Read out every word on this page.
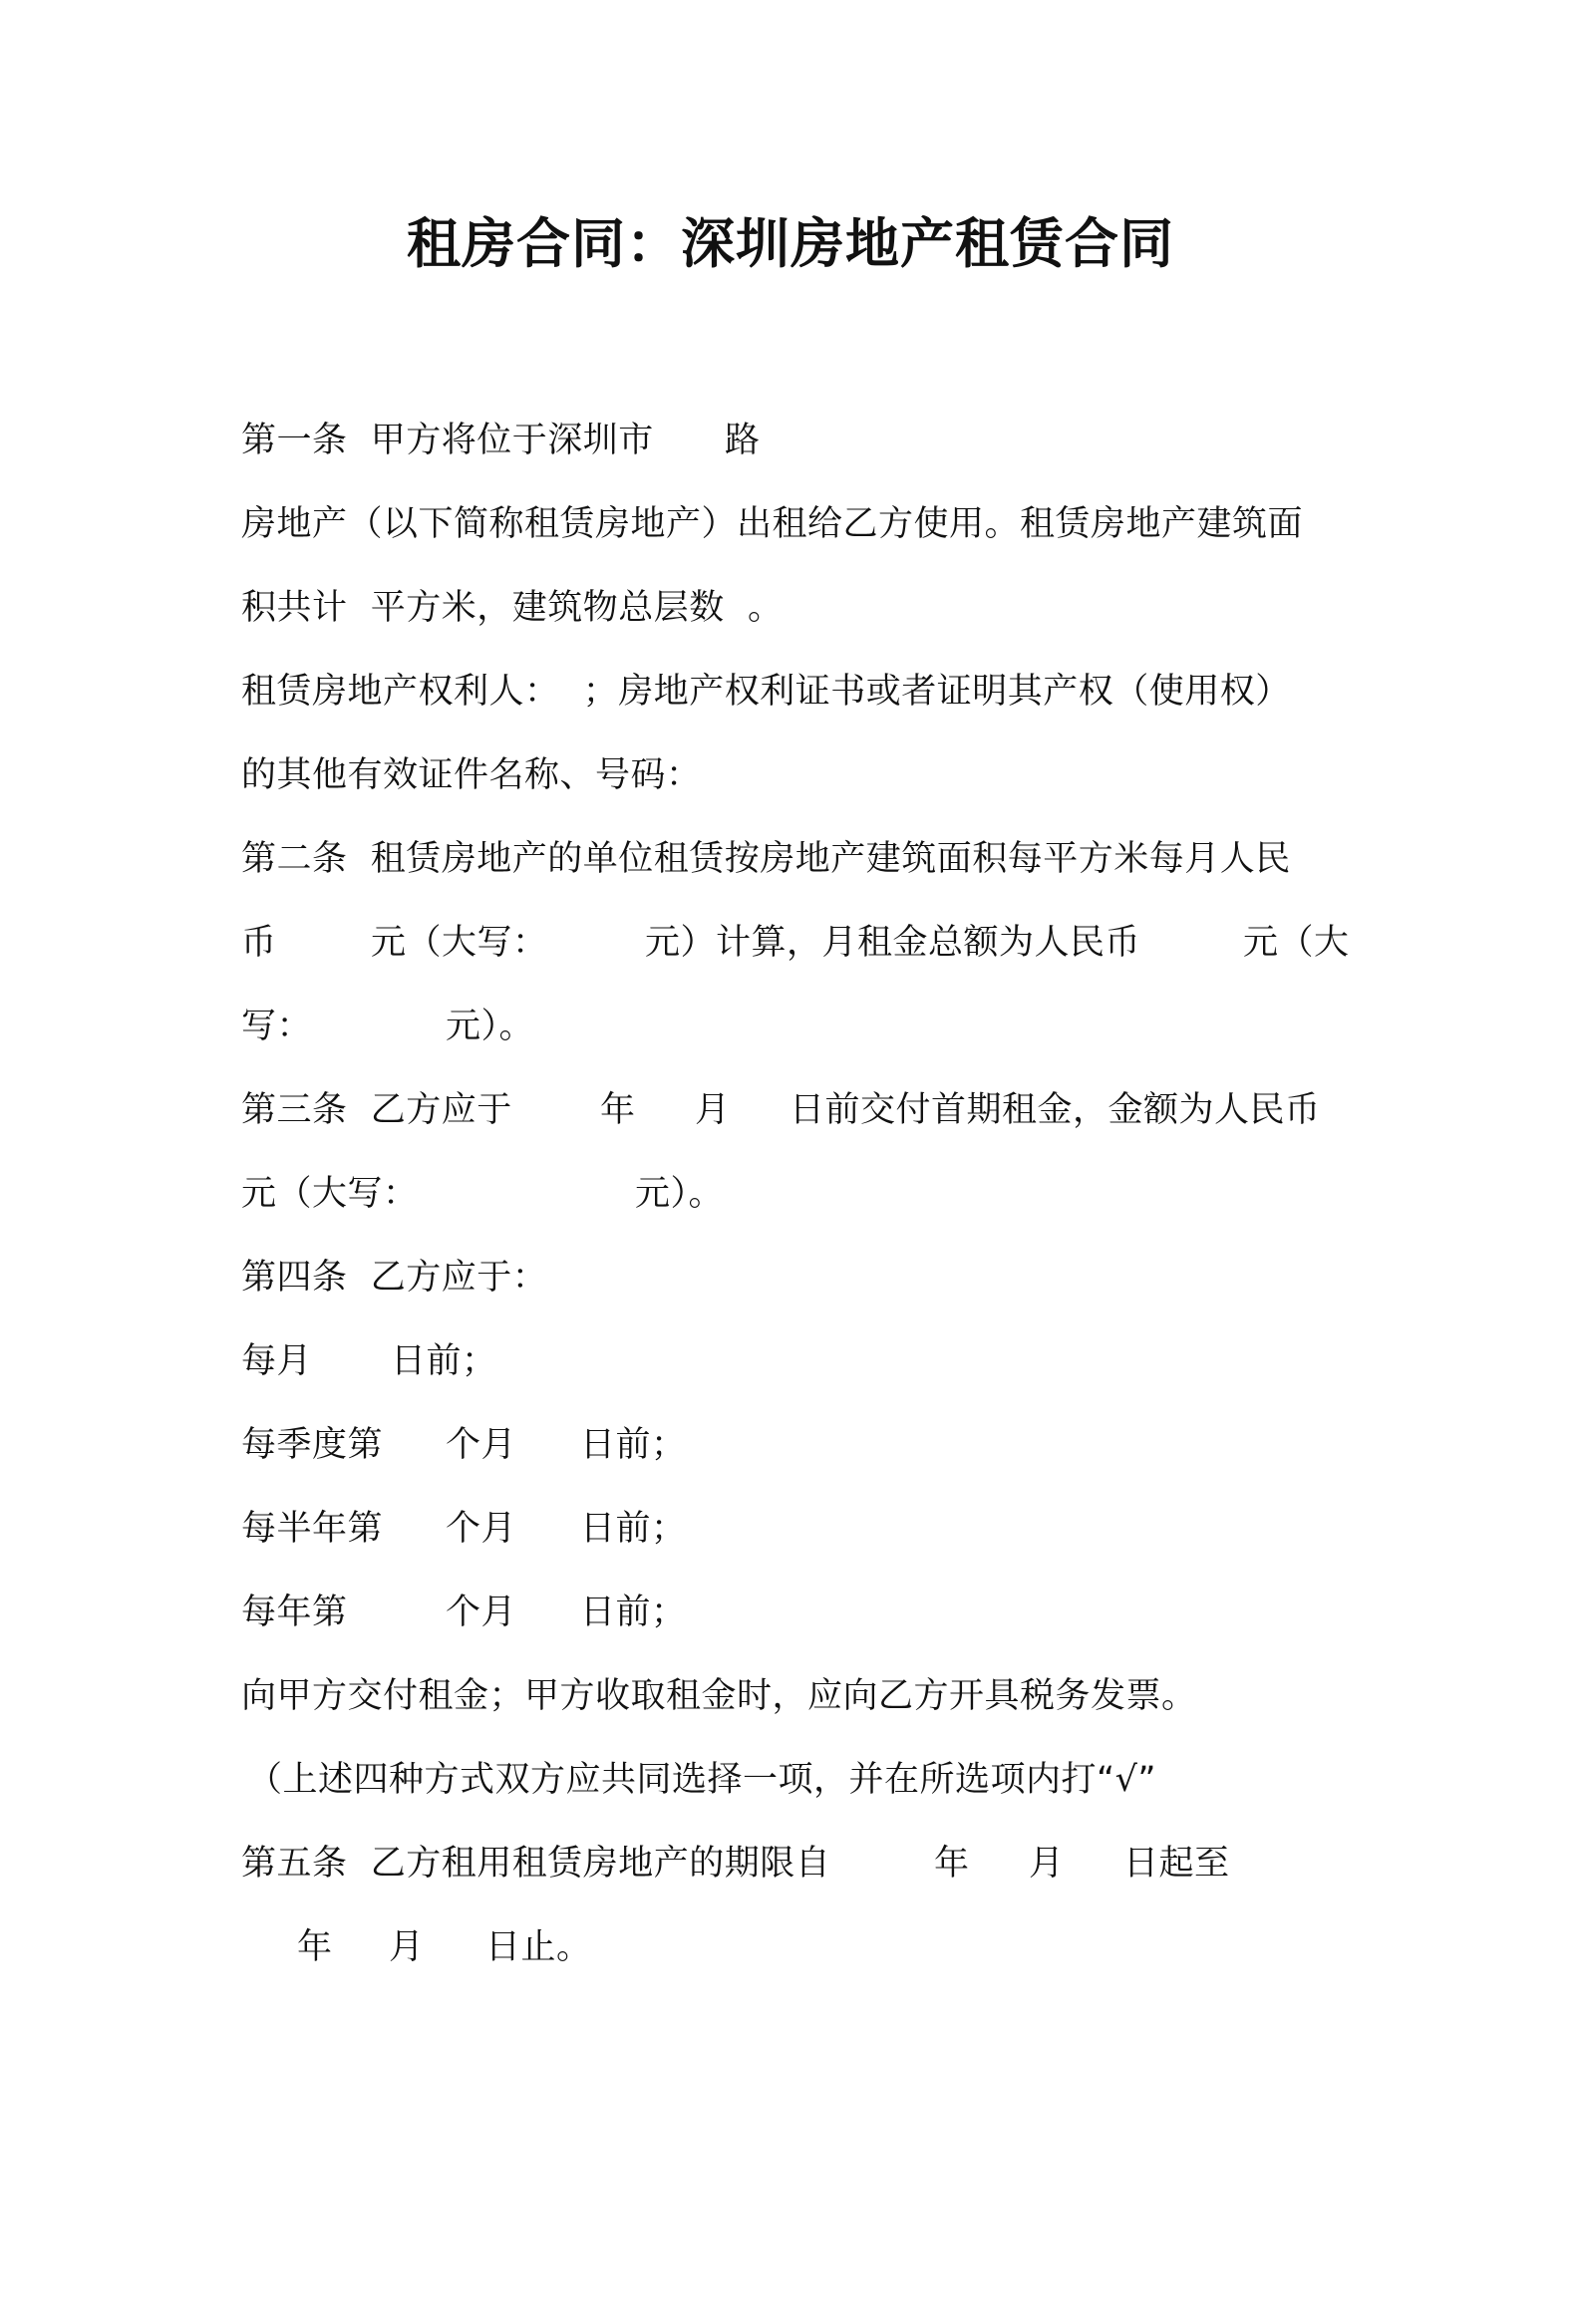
租房合同：深圳房地产租赁合同

第一条  甲方将位于深圳市

路

房地产（以下简称租赁房地产）出租给乙方使用。租赁房地产建筑面

积共计  平方米，建筑物总层数  。

租赁房地产权利人：  ；房地产权利证书或者证明其产权（使用权）

的其他有效证件名称、号码：

第二条  租赁房地产的单位租赁按房地产建筑面积每平方米每月人民

币

	元（大写：

	元）计算，月租金总额为人民币

	元（大

写：

	元）。

第三条  乙方应于

	年

月

日前交付首期租金，金额为人民币

元（大写：

	元）。

第四条  乙方应于：

每月

日前；

每季度第

个月

日前；

每半年第

个月

日前；

每年第

	个月

日前；

向甲方交付租金；甲方收取租金时，应向乙方开具税务发票。

（上述四种方式双方应共同选择一项，并在所选项内打“√”

第五条  乙方租用租赁房地产的期限自

	年

月

日起至

年

月

日止。
